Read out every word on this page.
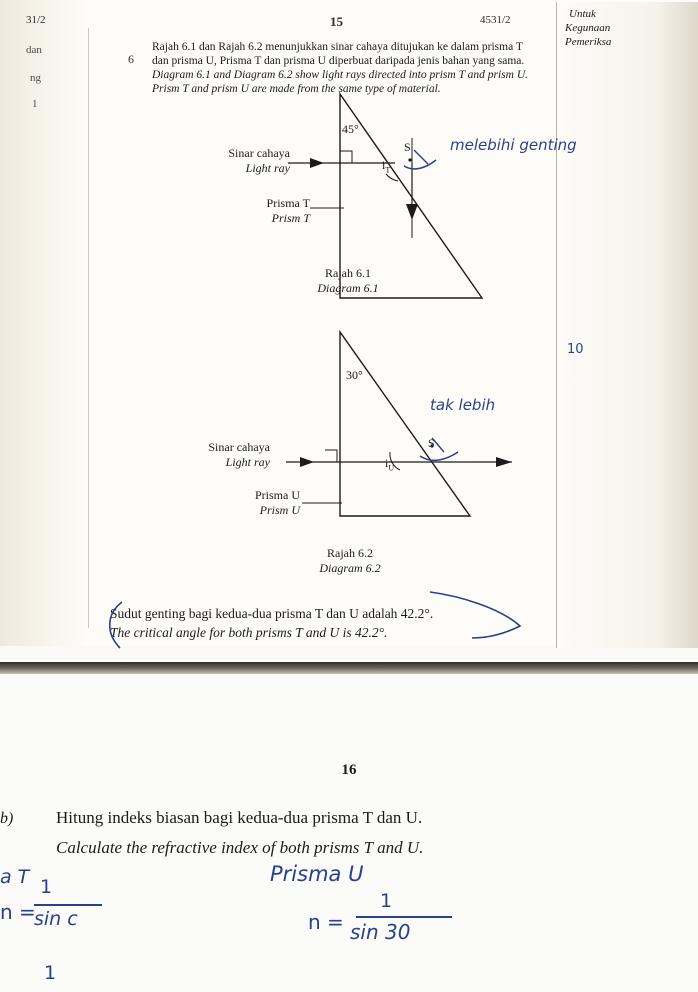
31/2	15	4531/2
dan
ng
1
Untuk
Kegunaan
Pemeriksa
10
6
Rajah 6.1 dan Rajah 6.2 menunjukkan sinar cahaya ditujukan ke dalam prisma T
dan prisma U, Prisma T dan prisma U diperbuat daripada jenis bahan yang sama.
Diagram 6.1 and Diagram 6.2 show light rays directed into prism T and prism U.
Prism T and prism U are made from the same type of material.
45°
S
$i_T$
Sinar cahaya
Light ray
Prisma T
Prism T
Rajah 6.1
Diagram 6.1
melebihi genting
30°
S
$i_U$
Sinar cahaya
Light ray
Prisma U
Prism U
Rajah 6.2
Diagram 6.2
tak lebih
Sudut genting bagi kedua-dua prisma T dan U adalah 42.2°.
The critical angle for both prisms T and U is 42.2°.
16
b)	Hitung indeks biasan bagi kedua-dua prisma T dan U.
Calculate the refractive index of both prisms T and U.
a T
n =
1
sin c
1
Prisma U
n =
1
sin 30
